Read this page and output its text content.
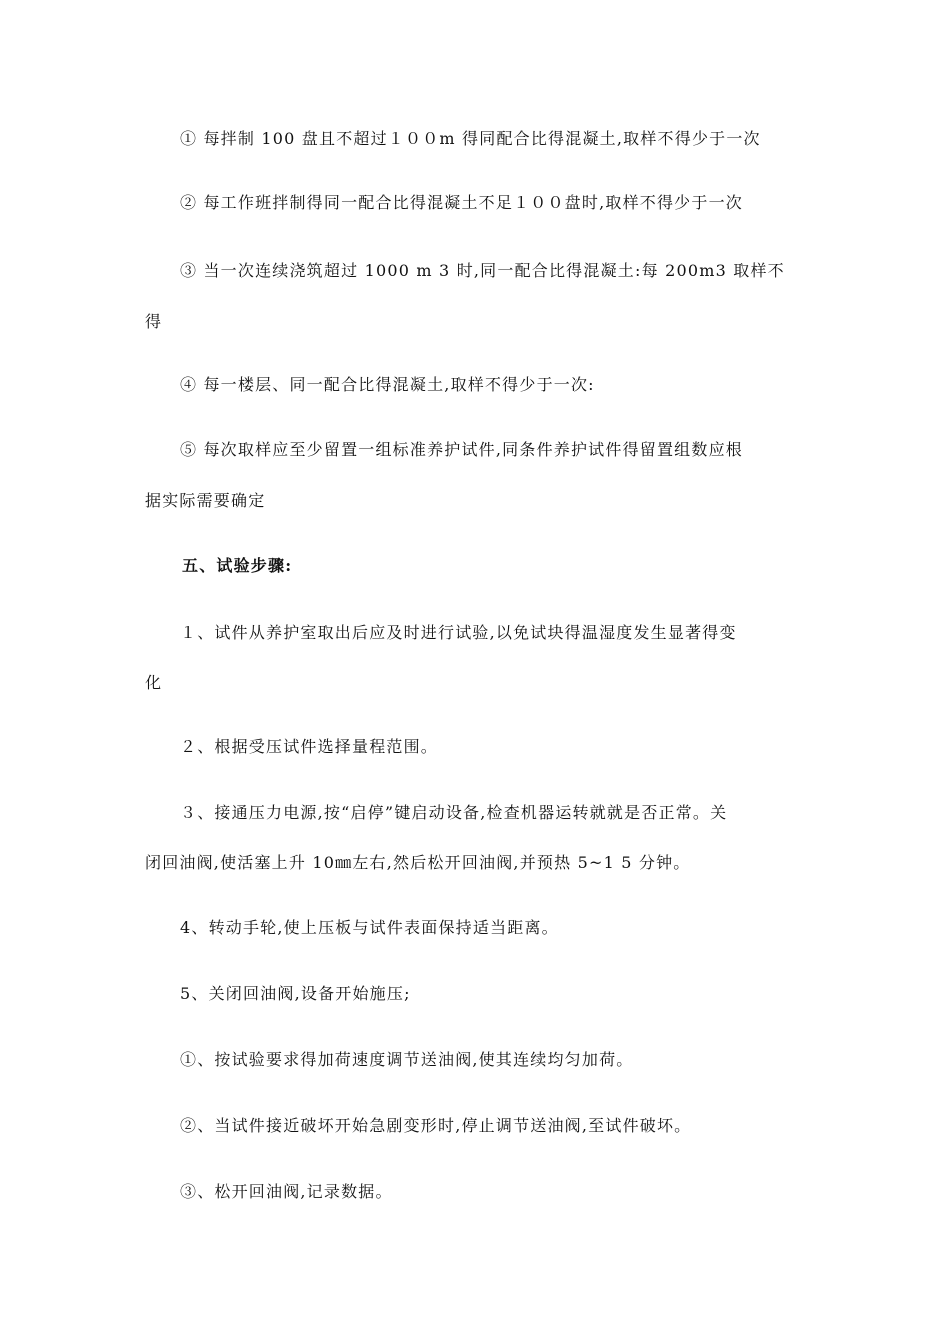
① 每拌制 100 盘且不超过１００m 得同配合比得混凝土,取样不得少于一次
② 每工作班拌制得同一配合比得混凝土不足１００盘时,取样不得少于一次
③ 当一次连续浇筑超过 1000 m 3 时,同一配合比得混凝土:每 200m3 取样不
得
④ 每一楼层、同一配合比得混凝土,取样不得少于一次:
⑤ 每次取样应至少留置一组标准养护试件,同条件养护试件得留置组数应根
据实际需要确定
五、试验步骤:
１、试件从养护室取出后应及时进行试验,以免试块得温湿度发生显著得变
化
２、根据受压试件选择量程范围。
３、接通压力电源,按“启停”键启动设备,检查机器运转就就是否正常。关
闭回油阀,使活塞上升 10㎜左右,然后松开回油阀,并预热 5~1 5 分钟。
4、转动手轮,使上压板与试件表面保持适当距离。
5、关闭回油阀,设备开始施压;
①、按试验要求得加荷速度调节送油阀,使其连续均匀加荷。
②、当试件接近破坏开始急剧变形时,停止调节送油阀,至试件破坏。
③、松开回油阀,记录数据。
